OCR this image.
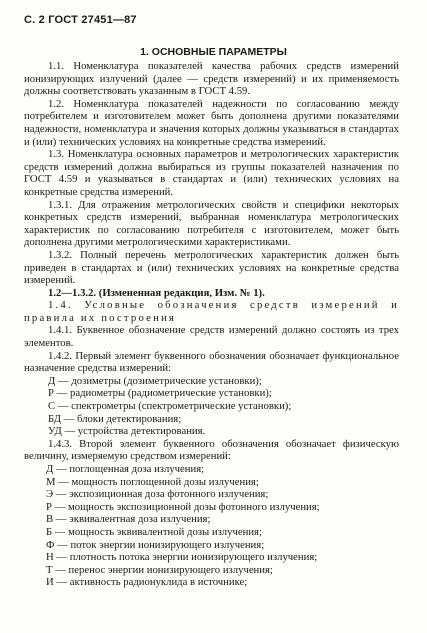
С. 2 ГОСТ 27451—87
1. ОСНОВНЫЕ ПАРАМЕТРЫ

1.1. Номенклатура показателей качества рабочих средств измерений ионизирующих излучений (далее — средств измерений) и их применяемость должны соответствовать указанным в ГОСТ 4.59.

1.2. Номенклатура показателей надежности по согласованию между потребителем и изготовителем может быть дополнена другими показателями надежности, номенклатура и значения которых должны указываться в стандартах и (или) технических условиях на конкретные средства измерений.

1.3. Номенклатура основных параметров и метрологических характеристик средств измерений должна выбираться из группы показателей назначения по ГОСТ 4.59 и указываться в стандартах и (или) технических условиях на конкретные средства измерений.

1.3.1. Для отражения метрологических свойств и специфики некоторых конкретных средств измерений, выбранная номенклатура метрологических характеристик по согласованию потребителя с изготовителем, может быть дополнена другими метрологическими характеристиками.

1.3.2. Полный перечень метрологических характеристик должен быть приведен в стандартах и (или) технических условиях на конкретные средства измерений.

1.2—1.3.2. (Измененная редакция, Изм. № 1).

1.4. Условные обозначения средств измерений и правила их построения

1.4.1. Буквенное обозначение средств измерений должно состоять из трех элементов.

1.4.2. Первый элемент буквенного обозначения обозначает функциональное назначение средства измерений:

Д — дозиметры (дозиметрические установки);

Р — радиометры (радиометрические установки);

С — спектрометры (спектрометрические установки);

БД — блоки детектирования;

УД — устройства детектирования.

1.4.3. Второй элемент буквенного обозначения обозначает физическую величину, измеряемую средством измерений:

Д — поглощенная доза излучения;

М — мощность поглощенной дозы излучения;

Э — экспозиционная доза фотонного излучения;

Р — мощность экспозиционной дозы фотонного излучения;

В — эквивалентная доза излучения;

Б — мощность эквивалентной дозы излучения;

Ф — поток энергии ионизирующего излучения;

Н — плотность потока энергии ионизирующего излучения;

Т — перенос энергии ионизирующего излучения;

И — активность радионуклида в источнике;
